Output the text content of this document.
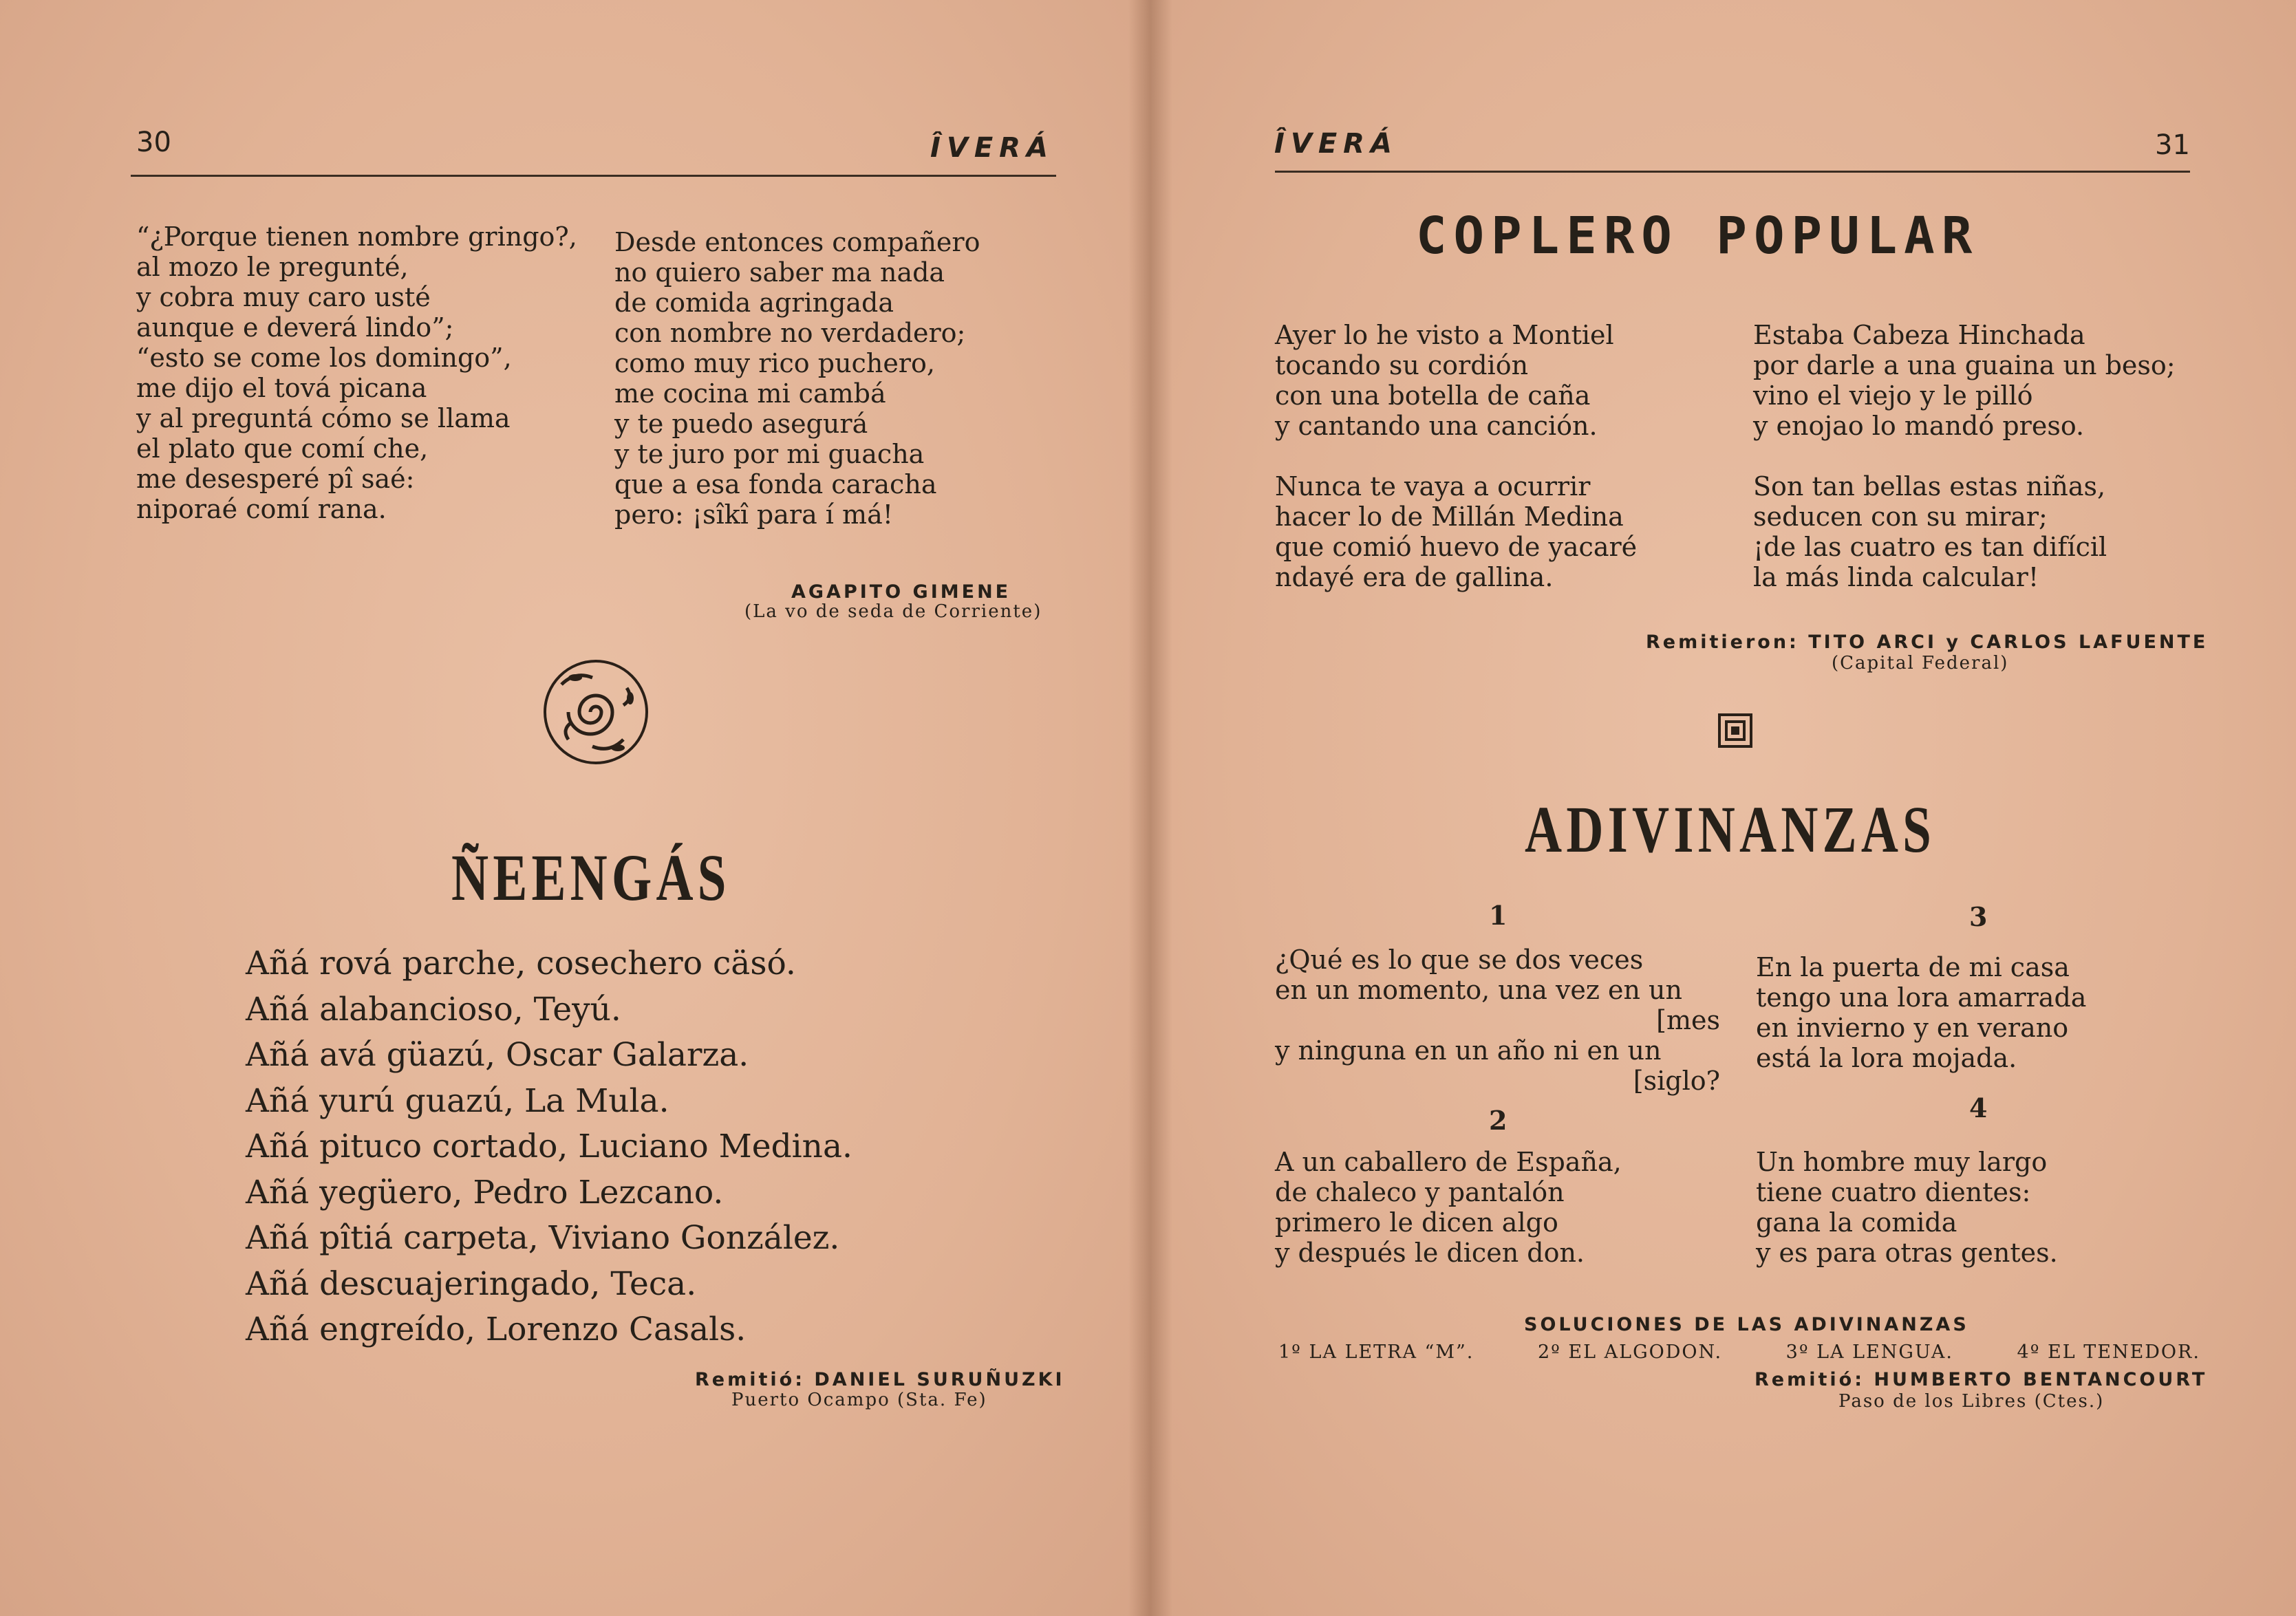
30	ÎVERÁ

“¿Porque tienen nombre gringo?,
al mozo le pregunté,
y cobra muy caro usté
aunque e deverá lindo”;
“esto se come los domingo”,
me dijo el tová picana
y al preguntá cómo se llama
el plato que comí che,
me desesperé pî saé:
niporaé comí rana.

Desde entonces compañero
no quiero saber ma nada
de comida agringada
con nombre no verdadero;
como muy rico puchero,
me cocina mi cambá
y te puedo asegurá
y te juro por mi guacha
que a esa fonda caracha
pero: ¡sîkî para í má!

AGAPITO GIMENE
(La vo de seda de Corriente)
ÑEENGÁS

Añá rová parche, cosechero cäsó.
Añá alabancioso, Teyú.
Añá avá güazú, Oscar Galarza.
Añá yurú guazú, La Mula.
Añá pituco cortado, Luciano Medina.
Añá yegüero, Pedro Lezcano.
Añá pîtiá carpeta, Viviano González.
Añá descuajeringado, Teca.
Añá engreído, Lorenzo Casals.

Remitió: DANIEL SURUÑUZKI
Puerto Ocampo (Sta. Fe)
ÎVERÁ	31
COPLERO POPULAR

Ayer lo he visto a Montiel
tocando su cordión
con una botella de caña
y cantando una canción.

Nunca te vaya a ocurrir
hacer lo de Millán Medina
que comió huevo de yacaré
ndayé era de gallina.

Estaba Cabeza Hinchada
por darle a una guaina un beso;
vino el viejo y le pilló
y enojao lo mandó preso.

Son tan bellas estas niñas,
seducen con su mirar;
¡de las cuatro es tan difícil
la más linda calcular!

Remitieron: TITO ARCI y CARLOS LAFUENTE
(Capital Federal)
ADIVINANZAS
1
¿Qué es lo que se dos veces
en un momento, una vez en un
[mes
y ninguna en un año ni en un
[siglo?
2

A un caballero de España,
de chaleco y pantalón
primero le dicen algo
y después le dicen don.

3

En la puerta de mi casa
tengo una lora amarrada
en invierno y en verano
está la lora mojada.

4

Un hombre muy largo
tiene cuatro dientes:
gana la comida
y es para otras gentes.

SOLUCIONES DE LAS ADIVINANZAS
1º LA LETRA “M”.	2º EL ALGODON.	3º LA LENGUA.	4º EL TENEDOR.
Remitió: HUMBERTO BENTANCOURT
Paso de los Libres (Ctes.)
